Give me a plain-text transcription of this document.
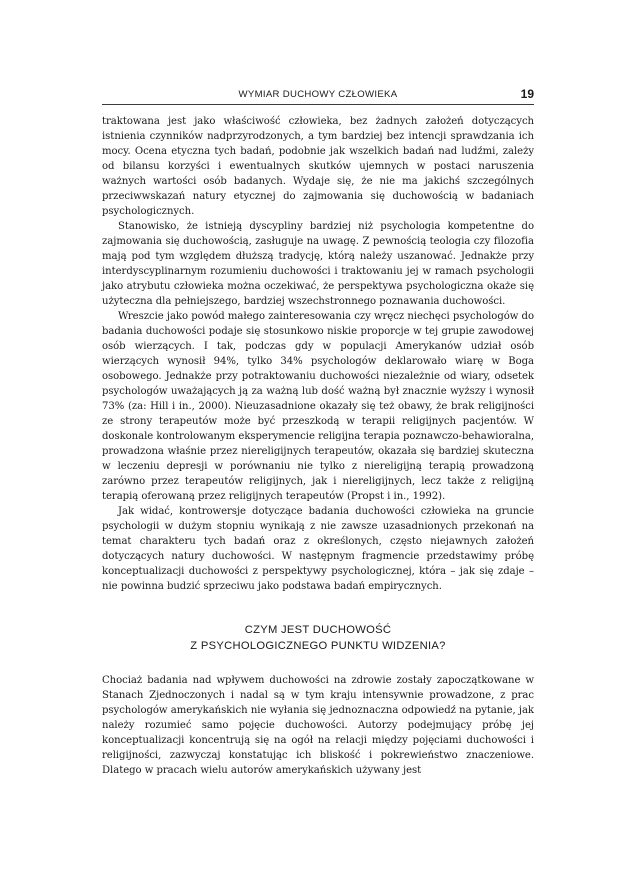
WYMIAR DUCHOWY CZŁOWIEKA	19

traktowana jest jako właściwość człowieka, bez żadnych założeń dotyczących istnienia czynników nadprzyrodzonych, a tym bardziej bez intencji sprawdzania ich mocy. Ocena etyczna tych badań, podobnie jak wszelkich badań nad ludźmi, zależy od bilansu korzyści i ewentualnych skutków ujemnych w postaci naruszenia ważnych wartości osób badanych. Wydaje się, że nie ma jakichś szczególnych przeciwwskazań natury etycznej do zajmowania się duchowością w badaniach psychologicznych.

Stanowisko, że istnieją dyscypliny bardziej niż psychologia kompetentne do zajmowania się duchowością, zasługuje na uwagę. Z pewnością teologia czy filozofia mają pod tym względem dłuższą tradycję, którą należy uszanować. Jednakże przy interdyscyplinarnym rozumieniu duchowości i traktowaniu jej w ramach psychologii jako atrybutu człowieka można oczekiwać, że perspektywa psychologiczna okaże się użyteczna dla pełniejszego, bardziej wszechstronnego poznawania duchowości.

Wreszcie jako powód małego zainteresowania czy wręcz niechęci psychologów do badania duchowości podaje się stosunkowo niskie proporcje w tej grupie zawodowej osób wierzących. I tak, podczas gdy w populacji Amerykanów udział osób wierzących wynosił 94%, tylko 34% psychologów deklarowało wiarę w Boga osobowego. Jednakże przy potraktowaniu duchowości niezależnie od wiary, odsetek psychologów uważających ją za ważną lub dość ważną był znacznie wyższy i wynosił 73% (za: Hill i in., 2000). Nieuzasadnione okazały się też obawy, że brak religijności ze strony terapeutów może być przeszkodą w terapii religijnych pacjentów. W doskonale kontrolowanym eksperymencie religijna terapia poznawczo-behawioralna, prowadzona właśnie przez niereligijnych terapeutów, okazała się bardziej skuteczna w leczeniu depresji w porównaniu nie tylko z niereligijną terapią prowadzoną zarówno przez terapeutów religijnych, jak i niereligijnych, lecz także z religijną terapią oferowaną przez religijnych terapeutów (Propst i in., 1992).

Jak widać, kontrowersje dotyczące badania duchowości człowieka na gruncie psychologii w dużym stopniu wynikają z nie zawsze uzasadnionych przekonań na temat charakteru tych badań oraz z określonych, często niejawnych założeń dotyczących natury duchowości. W następnym fragmencie przedstawimy próbę konceptualizacji duchowości z perspektywy psychologicznej, która – jak się zdaje – nie powinna budzić sprzeciwu jako podstawa badań empirycznych.

CZYM JEST DUCHOWOŚĆ
Z PSYCHOLOGICZNEGO PUNKTU WIDZENIA?

Chociaż badania nad wpływem duchowości na zdrowie zostały zapoczątkowane w Stanach Zjednoczonych i nadal są w tym kraju intensywnie prowadzone, z prac psychologów amerykańskich nie wyłania się jednoznaczna odpowiedź na pytanie, jak należy rozumieć samo pojęcie duchowości. Autorzy podejmujący próbę jej konceptualizacji koncentrują się na ogół na relacji między pojęciami duchowości i religijności, zazwyczaj konstatując ich bliskość i pokrewieństwo znaczeniowe. Dlatego w pracach wielu autorów amerykańskich używany jest
